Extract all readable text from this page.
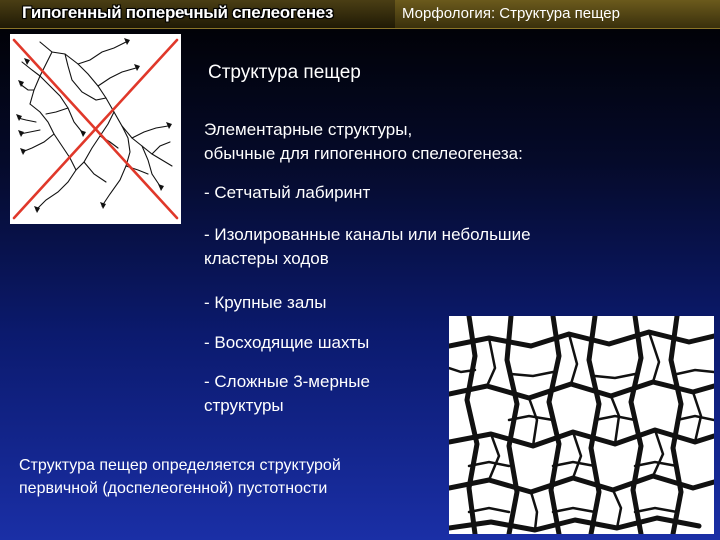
Гипогенный поперечный спелеогенез	Морфология: Структура пещер
Структура пещер
Элементарные структуры,
обычные для гипогенного спелеогенеза:
- Сетчатый лабиринт
- Изолированные каналы или небольшие
кластеры ходов
- Крупные залы
- Восходящие шахты
- Сложные 3-мерные
структуры
Структура пещер определяется структурой
первичной (доспелеогенной) пустотности
